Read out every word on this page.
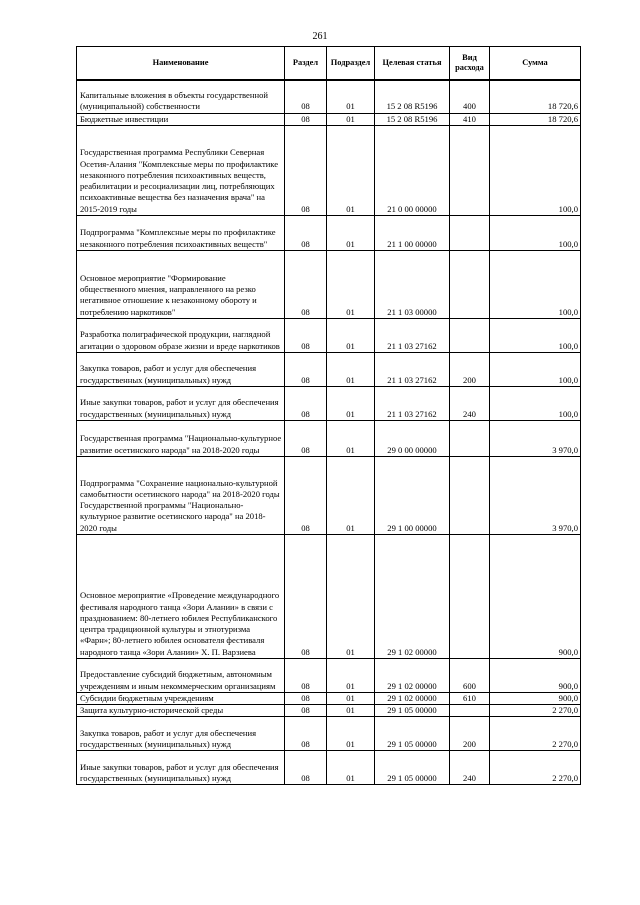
261
Наименование	Раздел	Подраздел	Целевая статья	Вид расхода	Сумма
Капитальные вложения в объекты государственной (муниципальной) собственности	08	01	15 2 08 R5196	400	18 720,6
Бюджетные инвестиции	08	01	15 2 08 R5196	410	18 720,6
Государственная программа Республики Северная Осетия-Алания "Комплексные меры по профилактике незаконного потребления психоактивных веществ, реабилитации и ресоциализации лиц, потребляющих психоактивные вещества без назначения врача" на 2015-2019 годы	08	01	21 0 00 00000		100,0
Подпрограмма "Комплексные меры по профилактике незаконного потребления психоактивных веществ"	08	01	21 1 00 00000		100,0
Основное мероприятие "Формирование общественного мнения, направленного на резко негативное отношение к незаконному обороту и потреблению наркотиков"	08	01	21 1 03 00000		100,0
Разработка полиграфической продукции, наглядной агитации о здоровом образе жизни и вреде наркотиков	08	01	21 1 03 27162		100,0
Закупка товаров, работ и услуг для обеспечения государственных (муниципальных) нужд	08	01	21 1 03 27162	200	100,0
Иные закупки товаров, работ и услуг для обеспечения государственных (муниципальных) нужд	08	01	21 1 03 27162	240	100,0
Государственная программа "Национально-культурное развитие осетинского народа" на 2018-2020 годы	08	01	29 0 00 00000		3 970,0
Подпрограмма "Сохранение национально-культурной самобытности осетинского народа" на 2018-2020 годы Государственной программы "Национально-культурное развитие осетинского народа" на 2018-2020 годы	08	01	29 1 00 00000		3 970,0
Основное мероприятие «Проведение международного фестиваля народного танца «Зори Алании» в связи с празднованием: 80-летнего юбилея Республиканского центра традиционной культуры и этнотуризма «Фарн»; 80-летнего юбилея основателя фестиваля народного танца «Зори Алании» Х. П. Варзиева	08	01	29 1 02 00000		900,0
Предоставление субсидий бюджетным, автономным учреждениям и иным некоммерческим организациям	08	01	29 1 02 00000	600	900,0
Субсидии бюджетным учреждениям	08	01	29 1 02 00000	610	900,0
Защита культурно-исторической среды	08	01	29 1 05 00000		2 270,0
Закупка товаров, работ и услуг для обеспечения государственных (муниципальных) нужд	08	01	29 1 05 00000	200	2 270,0
Иные закупки товаров, работ и услуг для обеспечения государственных (муниципальных) нужд	08	01	29 1 05 00000	240	2 270,0
